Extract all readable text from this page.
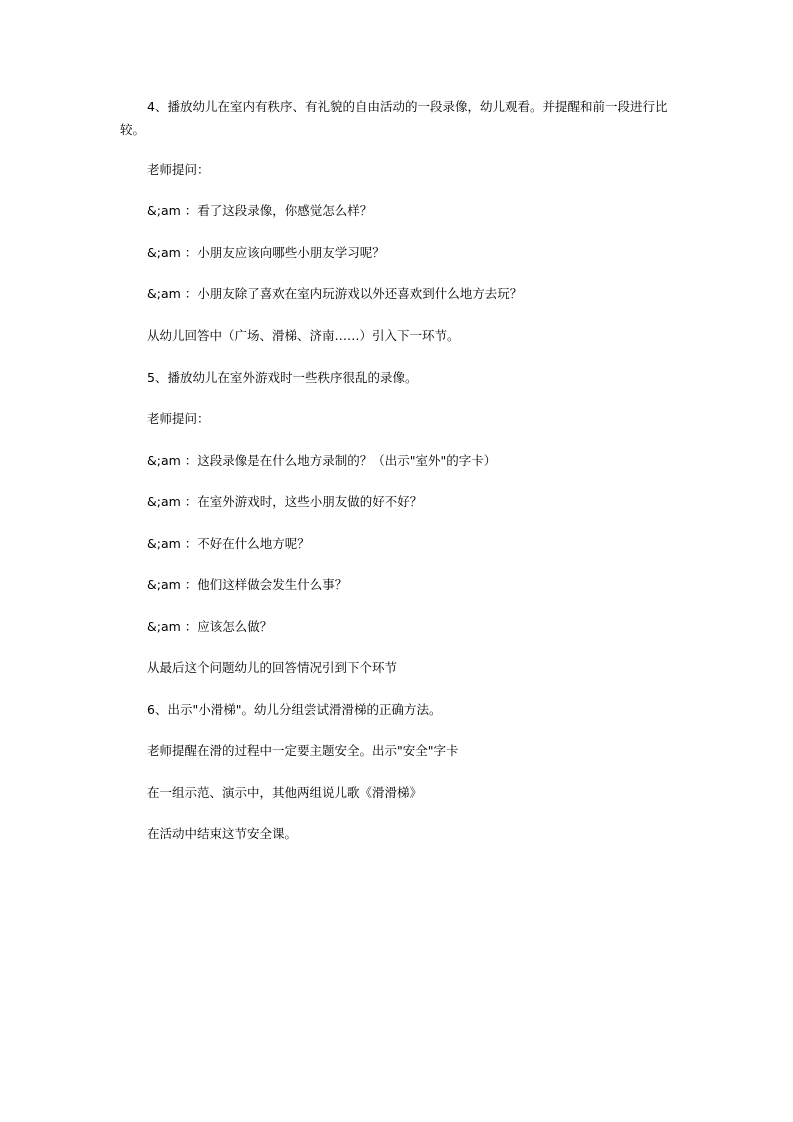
4、播放幼儿在室内有秩序、有礼貌的自由活动的一段录像，幼儿观看。并提醒和前一段进行比较。

老师提问：

&;am ：看了这段录像，你感觉怎么样？

&;am ：小朋友应该向哪些小朋友学习呢？

&;am ：小朋友除了喜欢在室内玩游戏以外还喜欢到什么地方去玩？

从幼儿回答中（广场、滑梯、济南……）引入下一环节。

5、播放幼儿在室外游戏时一些秩序很乱的录像。

老师提问：

&;am ：这段录像是在什么地方录制的？（出示"室外"的字卡）

&;am ：在室外游戏时，这些小朋友做的好不好？

&;am ：不好在什么地方呢？

&;am ：他们这样做会发生什么事？

&;am ：应该怎么做？

从最后这个问题幼儿的回答情况引到下个环节

6、出示"小滑梯"。幼儿分组尝试滑滑梯的正确方法。

老师提醒在滑的过程中一定要主题安全。出示"安全"字卡

在一组示范、演示中，其他两组说儿歌《滑滑梯》

在活动中结束这节安全课。
